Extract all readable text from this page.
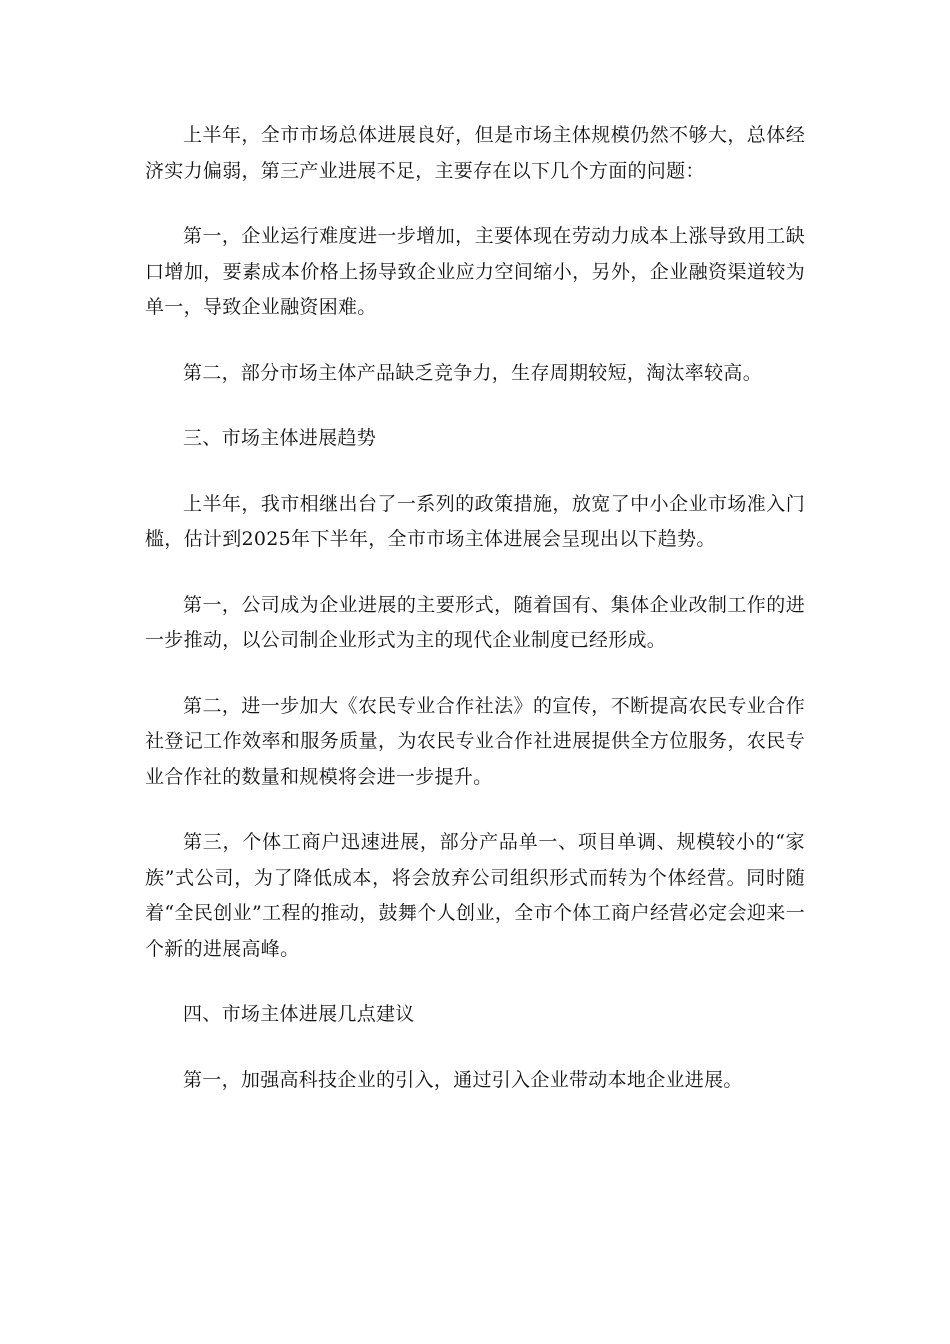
上半年，全市市场总体进展良好，但是市场主体规模仍然不够大，总体经济实力偏弱，第三产业进展不足，主要存在以下几个方面的问题：

第一，企业运行难度进一步增加，主要体现在劳动力成本上涨导致用工缺口增加，要素成本价格上扬导致企业应力空间缩小，另外，企业融资渠道较为单一，导致企业融资困难。

第二，部分市场主体产品缺乏竞争力，生存周期较短，淘汰率较高。

三、市场主体进展趋势

上半年，我市相继出台了一系列的政策措施，放宽了中小企业市场准入门槛，估计到2025年下半年，全市市场主体进展会呈现出以下趋势。

第一，公司成为企业进展的主要形式，随着国有、集体企业改制工作的进一步推动，以公司制企业形式为主的现代企业制度已经形成。

第二，进一步加大《农民专业合作社法》的宣传，不断提高农民专业合作社登记工作效率和服务质量，为农民专业合作社进展提供全方位服务，农民专业合作社的数量和规模将会进一步提升。

第三，个体工商户迅速进展，部分产品单一、项目单调、规模较小的“家族”式公司，为了降低成本，将会放弃公司组织形式而转为个体经营。同时随着“全民创业”工程的推动，鼓舞个人创业，全市个体工商户经营必定会迎来一个新的进展高峰。

四、市场主体进展几点建议

第一，加强高科技企业的引入，通过引入企业带动本地企业进展。
